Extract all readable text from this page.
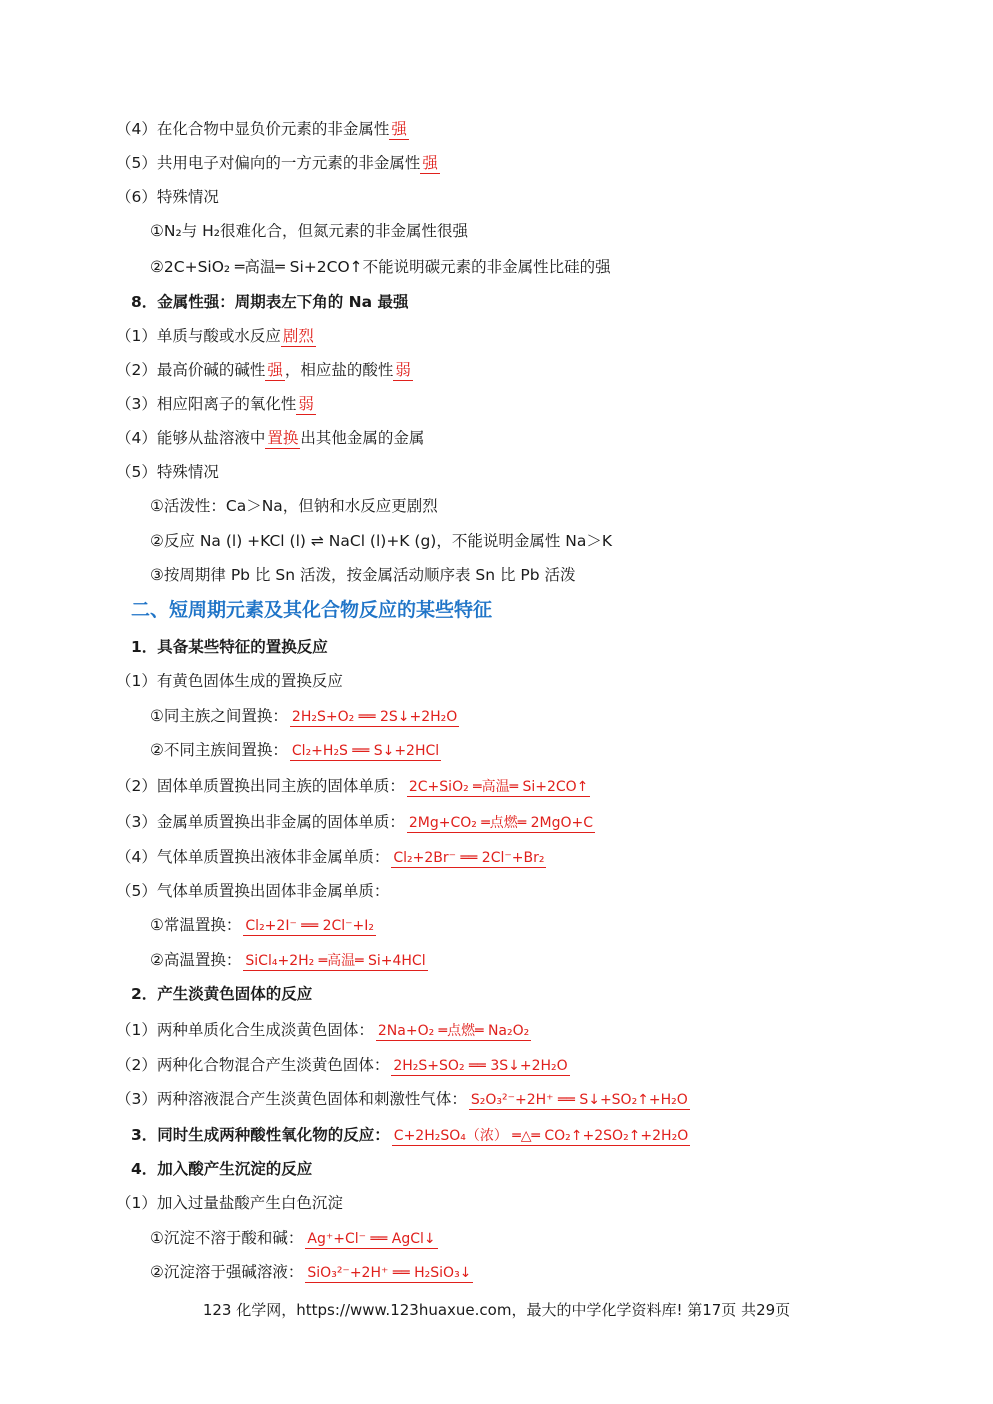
（4）在化合物中显负价元素的非金属性 强
（5）共用电子对偏向的一方元素的非金属性 强
（6）特殊情况
①N₂与 H₂很难化合，但氮元素的非金属性很强
②2C+SiO₂ ═高温═ Si+2CO↑不能说明碳元素的非金属性比硅的强
8．金属性强：周期表左下角的 Na 最强
（1）单质与酸或水反应 剧烈
（2）最高价碱的碱性 强 ，相应盐的酸性 弱
（3）相应阳离子的氧化性 弱
（4）能够从盐溶液中 置换 出其他金属的金属
（5）特殊情况
①活泼性：Ca＞Na，但钠和水反应更剧烈
②反应 Na (l) +KCl (l) ⇌ NaCl (l)+K (g)，不能说明金属性 Na＞K
③按周期律 Pb 比 Sn 活泼，按金属活动顺序表 Sn 比 Pb 活泼
二、短周期元素及其化合物反应的某些特征
1．具备某些特征的置换反应
（1）有黄色固体生成的置换反应
①同主族之间置换： 2H₂S+O₂ ══ 2S↓+2H₂O
②不同主族间置换： Cl₂+H₂S ══ S↓+2HCl
（2）固体单质置换出同主族的固体单质： 2C+SiO₂ ═高温═ Si+2CO↑
（3）金属单质置换出非金属的固体单质： 2Mg+CO₂ ═点燃═ 2MgO+C
（4）气体单质置换出液体非金属单质： Cl₂+2Br⁻ ══ 2Cl⁻+Br₂
（5）气体单质置换出固体非金属单质：
①常温置换： Cl₂+2I⁻ ══ 2Cl⁻+I₂
②高温置换： SiCl₄+2H₂ ═高温═ Si+4HCl
2．产生淡黄色固体的反应
（1）两种单质化合生成淡黄色固体： 2Na+O₂ ═点燃═ Na₂O₂
（2）两种化合物混合产生淡黄色固体： 2H₂S+SO₂ ══ 3S↓+2H₂O
（3）两种溶液混合产生淡黄色固体和刺激性气体： S₂O₃²⁻+2H⁺ ══ S↓+SO₂↑+H₂O
3．同时生成两种酸性氧化物的反应： C+2H₂SO₄（浓） ═△═ CO₂↑+2SO₂↑+2H₂O
4．加入酸产生沉淀的反应
（1）加入过量盐酸产生白色沉淀
①沉淀不溶于酸和碱： Ag⁺+Cl⁻ ══ AgCl↓
②沉淀溶于强碱溶液： SiO₃²⁻+2H⁺ ══ H₂SiO₃↓
123 化学网，https://www.123huaxue.com，最大的中学化学资料库! 第17页 共29页
